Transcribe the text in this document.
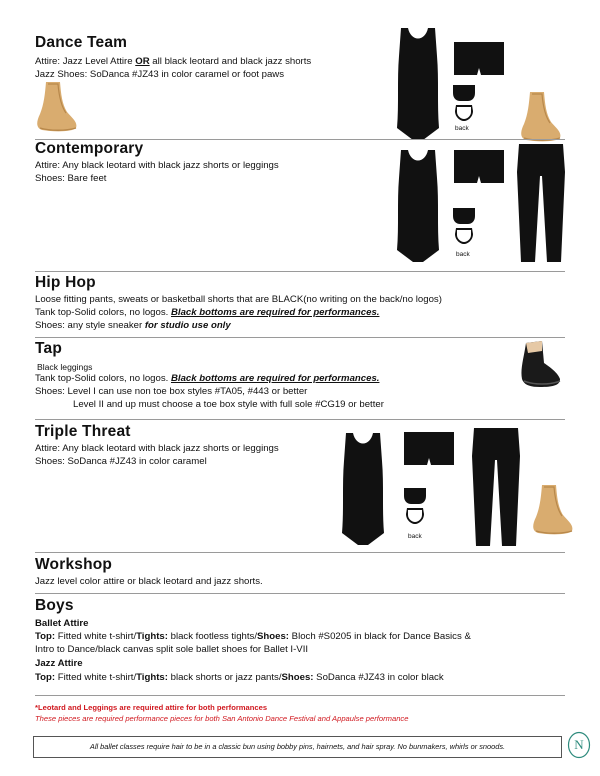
Dance Team
Attire: Jazz Level Attire OR all black leotard and black jazz shorts
Jazz Shoes: SoDanca #JZ43 in color caramel or foot paws
back
Contemporary
Attire: Any black leotard with black jazz shorts or leggings
Shoes: Bare feet
back
Hip Hop
Loose fitting pants, sweats or basketball shorts that are BLACK(no writing on the back/no logos)
Tank top-Solid colors, no logos. Black bottoms are required for performances.
Shoes: any style sneaker for studio use only
Tap
Black leggings
Tank top-Solid colors, no logos. Black bottoms are required for performances.
Shoes: Level I can use non toe box styles #TA05, #443 or better
Level II and up must choose a toe box style with full sole #CG19 or better
Triple Threat
Attire: Any black leotard with black jazz shorts or leggings
Shoes: SoDanca #JZ43 in color caramel
back
Workshop
Jazz level color attire or black leotard and jazz shorts.
Boys
Ballet Attire
Top: Fitted white t-shirt/Tights: black footless tights/Shoes: Bloch #S0205 in black for Dance Basics &
Intro to Dance/black canvas split sole ballet shoes for Ballet I-VII
Jazz Attire
Top: Fitted white t-shirt/Tights: black shorts or jazz pants/Shoes: SoDanca #JZ43 in color black
*Leotard and Leggings are required attire for both performances
These pieces are required performance pieces for both San Antonio Dance Festival and Appaulse performance
All ballet classes require hair to be in a classic bun using bobby pins, hairnets, and hair spray. No bunmakers, whirls or snoods.	N
